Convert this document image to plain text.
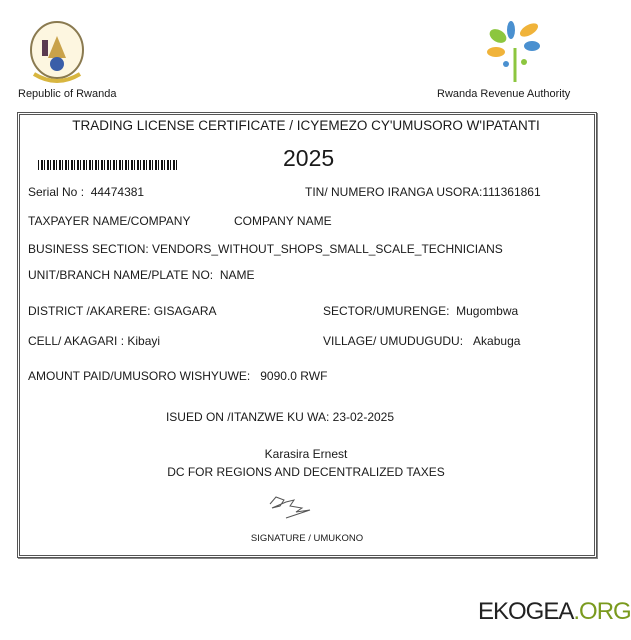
Republic of Rwanda	Rwanda Revenue Authority
TRADING LICENSE CERTIFICATE / ICYEMEZO CY'UMUSORO W'IPATANTI
2025
Serial No : 44474381	TIN/ NUMERO IRANGA USORA:111361861
TAXPAYER NAME/COMPANY	COMPANY NAME
BUSINESS SECTION: VENDORS_WITHOUT_SHOPS_SMALL_SCALE_TECHNICIANS
UNIT/BRANCH NAME/PLATE NO: NAME
DISTRICT /AKARERE: GISAGARA	SECTOR/UMURENGE: Mugombwa
CELL/ AKAGARI : Kibayi	VILLAGE/ UMUDUGUDU: Akabuga
AMOUNT PAID/UMUSORO WISHYUWE: 9090.0 RWF
ISUED ON /ITANZWE KU WA: 23-02-2025
Karasira Ernest
DC FOR REGIONS AND DECENTRALIZED TAXES
SIGNATURE / UMUKONO
EKOGEA.ORG
